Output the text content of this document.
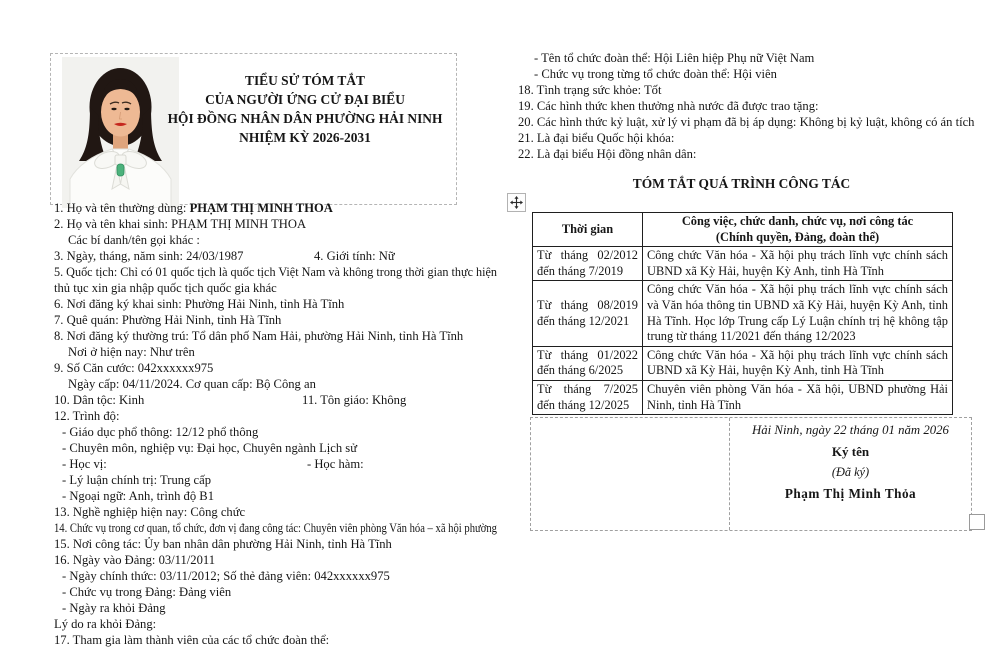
TIỂU SỬ TÓM TẮT
CỦA NGƯỜI ỨNG CỬ ĐẠI BIỂU
HỘI ĐỒNG NHÂN DÂN PHƯỜNG HẢI NINH
NHIỆM KỲ 2026-2031
1. Họ và tên thường dùng: PHẠM THỊ MINH THOA
2. Họ và tên khai sinh: PHẠM THỊ MINH THOA
Các bí danh/tên gọi khác :
3. Ngày, tháng, năm sinh: 24/03/1987	4. Giới tính: Nữ
5. Quốc tịch: Chỉ có 01 quốc tịch là quốc tịch Việt Nam và không trong thời gian thực hiện
thủ tục xin gia nhập quốc tịch quốc gia khác
6. Nơi đăng ký khai sinh: Phường Hải Ninh, tỉnh Hà Tĩnh
7. Quê quán: Phường Hải Ninh, tỉnh Hà Tĩnh
8. Nơi đăng ký thường trú: Tổ dân phố Nam Hải, phường Hải Ninh, tỉnh Hà Tĩnh
Nơi ở hiện nay: Như trên
9. Số Căn cước: 042xxxxxx975
Ngày cấp: 04/11/2024. Cơ quan cấp: Bộ Công an
10. Dân tộc: Kinh	11. Tôn giáo: Không
12. Trình độ:
- Giáo dục phổ thông: 12/12 phổ thông
- Chuyên môn, nghiệp vụ: Đại học, Chuyên ngành Lịch sử
- Học vị:	- Học hàm:
- Lý luận chính trị: Trung cấp
- Ngoại ngữ: Anh, trình độ B1
13. Nghề nghiệp hiện nay: Công chức
14. Chức vụ trong cơ quan, tổ chức, đơn vị đang công tác: Chuyên viên phòng Văn hóa – xã hội phường
15. Nơi công tác: Ủy ban nhân dân phường Hải Ninh, tỉnh Hà Tĩnh
16. Ngày vào Đảng: 03/11/2011
- Ngày chính thức: 03/11/2012; Số thẻ đảng viên: 042xxxxxx975
- Chức vụ trong Đảng: Đảng viên
- Ngày ra khỏi Đảng
Lý do ra khỏi Đảng:
17. Tham gia làm thành viên của các tổ chức đoàn thể:
- Tên tổ chức đoàn thể: Hội Liên hiệp Phụ nữ Việt Nam
- Chức vụ trong từng tổ chức đoàn thể: Hội viên
18. Tình trạng sức khỏe: Tốt
19. Các hình thức khen thưởng nhà nước đã được trao tặng:
20. Các hình thức kỷ luật, xử lý vi phạm đã bị áp dụng: Không bị kỷ luật, không có án tích
21. Là đại biểu Quốc hội khóa:
22. Là đại biểu Hội đồng nhân dân:
TÓM TẮT QUÁ TRÌNH CÔNG TÁC
Thời gian	Công việc, chức danh, chức vụ, nơi công tác
(Chính quyền, Đảng, đoàn thể)

Từ tháng 02/2012 đến tháng 7/2019	Công chức Văn hóa - Xã hội phụ trách lĩnh vực chính sách UBND xã Kỳ Hải, huyện Kỳ Anh, tỉnh Hà Tĩnh
Từ tháng 08/2019 đến tháng 12/2021	Công chức Văn hóa - Xã hội phụ trách lĩnh vực chính sách và Văn hóa thông tin UBND xã Kỳ Hải, huyện Kỳ Anh, tỉnh Hà Tĩnh. Học lớp Trung cấp Lý Luận chính trị hệ không tập trung từ tháng 11/2021 đến tháng 12/2023
Từ tháng 01/2022 đến tháng 6/2025	Công chức Văn hóa - Xã hội phụ trách lĩnh vực chính sách UBND xã Kỳ Hải, huyện Kỳ Anh, tỉnh Hà Tĩnh
Từ tháng 7/2025 đến tháng 12/2025	Chuyên viên phòng Văn hóa - Xã hội, UBND phường Hải Ninh, tỉnh Hà Tĩnh
Hải Ninh, ngày 22 tháng 01 năm 2026
Ký tên
(Đã ký)
Phạm Thị Minh Thỏa
